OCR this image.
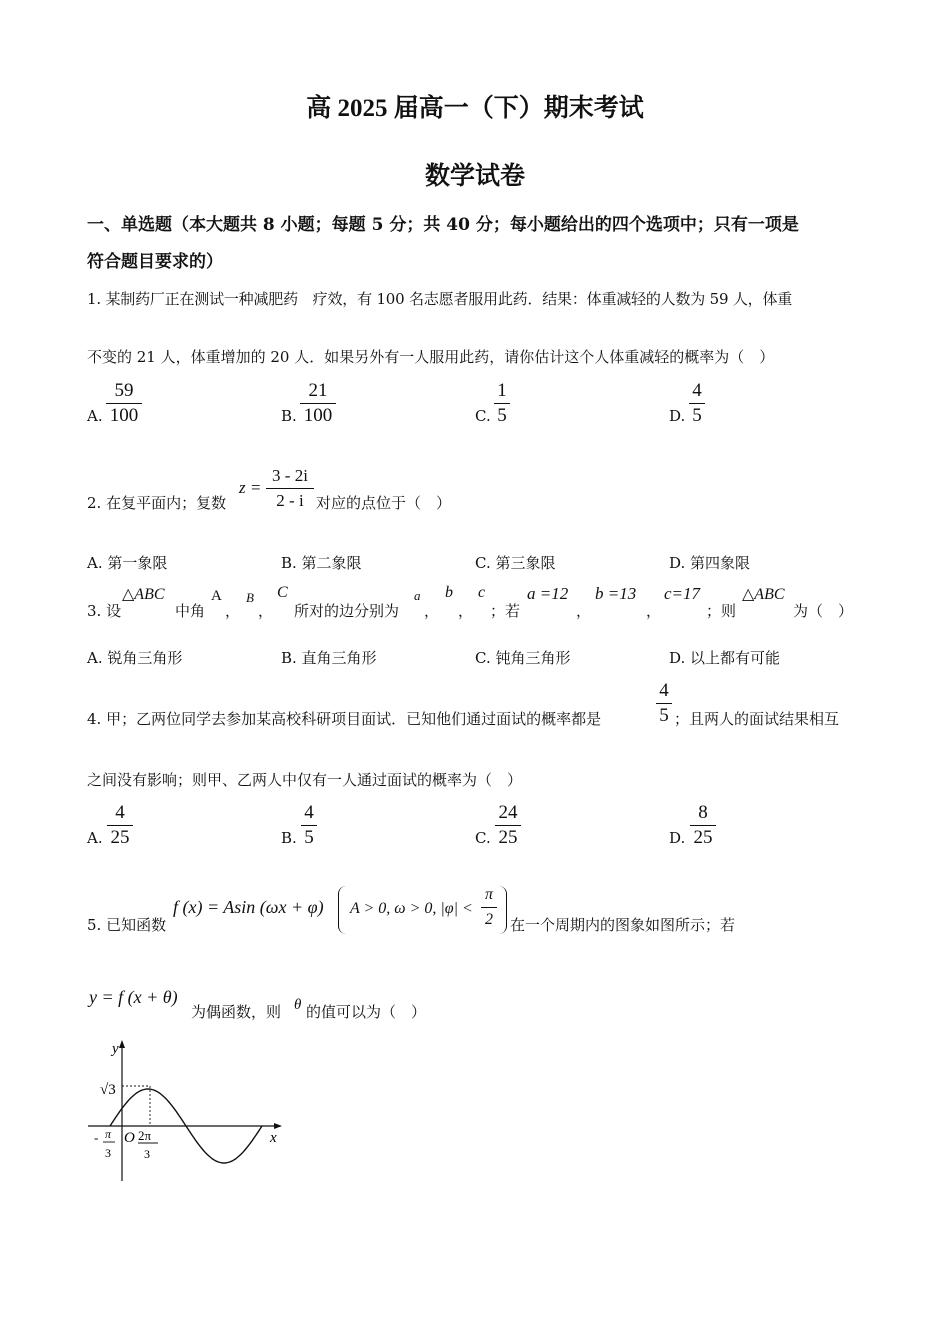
高 2025 届高一（下）期末考试
数学试卷
一、单选题（本大题共 8 小题；每题 5 分；共 40 分；每小题给出的四个选项中；只有一项是
符合题目要求的）
1. 某制药厂正在测试一种减肥药　疗效，有 100 名志愿者服用此药．结果：体重减轻的人数为 59 人，体重
不变的 21 人，体重增加的 20 人．如果另外有一人服用此药，请你估计这个人体重减轻的概率为（　）
A.
59
100	B.
21
100	C.
1
5	D.
4
5
2. 在复平面内；复数
z =
3 - 2i
2 - i 对应的点位于（　）
A. 第一象限	B. 第二象限	C. 第三象限	D. 第四象限
3. 设
△ABC
中角
A
，
B
，
C
所对的边分别为
a
，
b
，
c
；若
a =12
，
b =13
，
c=17
；则
△ABC
为（　）
A. 锐角三角形	B. 直角三角形	C. 钝角三角形	D. 以上都有可能
4. 甲；乙两位同学去参加某高校科研项目面试．已知他们通过面试的概率都是
4
5 ；且两人的面试结果相互
之间没有影响；则甲、乙两人中仅有一人通过面试的概率为（　）
A.
4
25	B.
4
5	C.
24
25	D.
8
25
5. 已知函数
f (x) = Asin (ωx + φ) A > 0, ω > 0, |φ| <
π
2 在一个周期内的图象如图所示；若
y = f (x + θ)
为偶函数，则 θ 的值可以为（　）
y
x
√3
O
- π
3
2π
3
